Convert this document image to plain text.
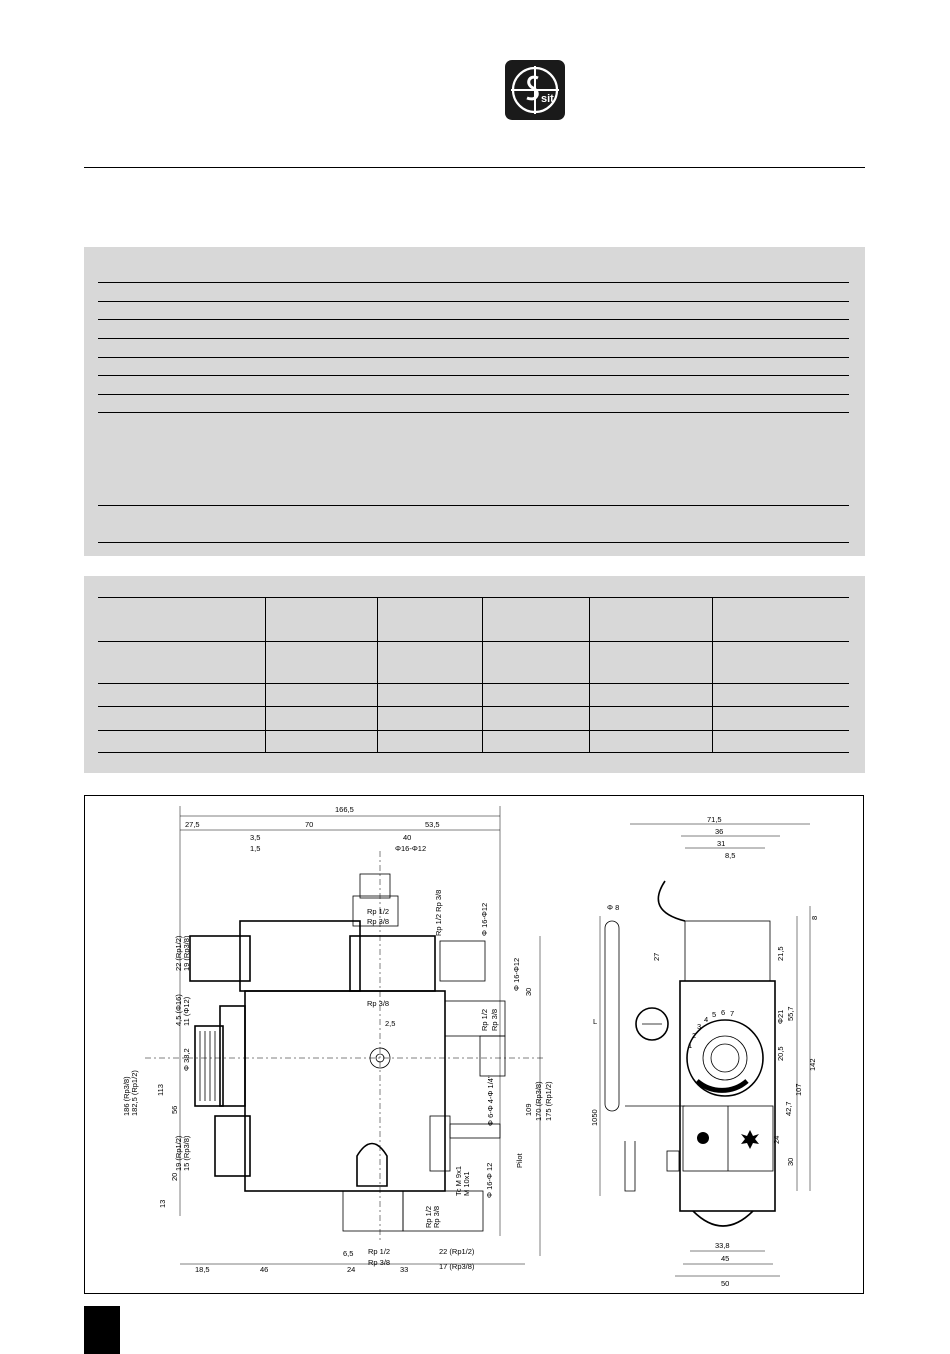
sit
166,5
27,5	70	53,5
3,5
1,5
40
Φ16-Φ12
22 (Rp1/2) 19 (Rp3/8)
4,5 (Φ16) 11 (Φ12)
Φ 38,2
186 (Rp3/8) 182,5 (Rp1/2) 113
56
19 (Rp1/2) 15 (Rp3/8)
20
13
Rp 1/2
Rp 3/8
Rp 3/8
Rp 1/2 Rp 3/8	Φ 16-Φ12
Φ 16-Φ12
Rp 1/2 Rp 3/8
2,5
Φ 6-Φ 4-Φ 1/4"
Pilot
Tc M 9x1 M 10x1 Φ 16-Φ 12
Rp 1/2 Rp 3/8
30
109 170 (Rp3/8) 175 (Rp1/2)
18,5	46	24
6,5
33
Rp 1/2
Rp 3/8
22 (Rp1/2)
17 (Rp3/8)
1
2
3
4
5 6 7
71,5
36
31
8,5
Φ 8
27
L
1050
8
21,5
Φ21 55,7
20,5
142
107
42,7
24
30
33,8
45
50
